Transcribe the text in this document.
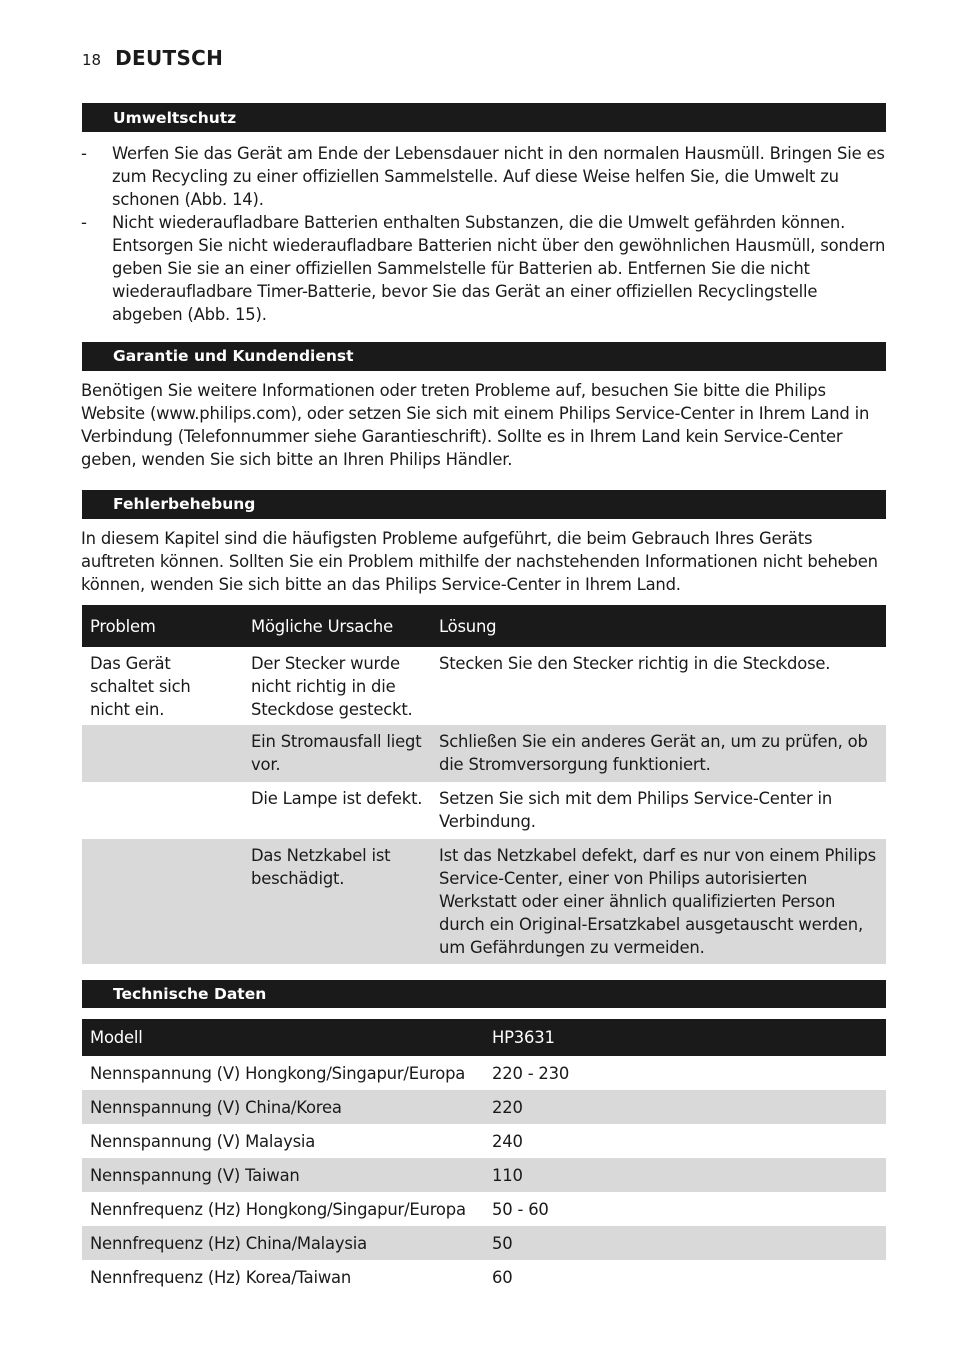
18 DEUTSCH
Umweltschutz
- Werfen Sie das Gerät am Ende der Lebensdauer nicht in den normalen Hausmüll. Bringen Sie es zum Recycling zu einer offiziellen Sammelstelle. Auf diese Weise helfen Sie, die Umwelt zu schonen (Abb. 14).
- Nicht wiederaufladbare Batterien enthalten Substanzen, die die Umwelt gefährden können. Entsorgen Sie nicht wiederaufladbare Batterien nicht über den gewöhnlichen Hausmüll, sondern geben Sie sie an einer offiziellen Sammelstelle für Batterien ab. Entfernen Sie die nicht wiederaufladbare Timer-Batterie, bevor Sie das Gerät an einer offiziellen Recyclingstelle abgeben (Abb. 15).
Garantie und Kundendienst
Benötigen Sie weitere Informationen oder treten Probleme auf, besuchen Sie bitte die Philips Website (www.philips.com), oder setzen Sie sich mit einem Philips Service-Center in Ihrem Land in Verbindung (Telefonnummer siehe Garantieschrift). Sollte es in Ihrem Land kein Service-Center geben, wenden Sie sich bitte an Ihren Philips Händler.
Fehlerbehebung
In diesem Kapitel sind die häufigsten Probleme aufgeführt, die beim Gebrauch Ihres Geräts auftreten können. Sollten Sie ein Problem mithilfe der nachstehenden Informationen nicht beheben können, wenden Sie sich bitte an das Philips Service-Center in Ihrem Land.
Problem	Mögliche Ursache	Lösung
Das Gerät schaltet sich nicht ein.	Der Stecker wurde nicht richtig in die Steckdose gesteckt.	Stecken Sie den Stecker richtig in die Steckdose.
	Ein Stromausfall liegt vor.	Schließen Sie ein anderes Gerät an, um zu prüfen, ob die Stromversorgung funktioniert.
	Die Lampe ist defekt.	Setzen Sie sich mit dem Philips Service-Center in Verbindung.
	Das Netzkabel ist beschädigt.	Ist das Netzkabel defekt, darf es nur von einem Philips Service-Center, einer von Philips autorisierten Werkstatt oder einer ähnlich qualifizierten Person durch ein Original-Ersatzkabel ausgetauscht werden, um Gefährdungen zu vermeiden.
Technische Daten
Modell	HP3631
Nennspannung (V) Hongkong/Singapur/Europa	220 - 230
Nennspannung (V) China/Korea	220
Nennspannung (V) Malaysia	240
Nennspannung (V) Taiwan	110
Nennfrequenz (Hz) Hongkong/Singapur/Europa	50 - 60
Nennfrequenz (Hz) China/Malaysia	50
Nennfrequenz (Hz) Korea/Taiwan	60
